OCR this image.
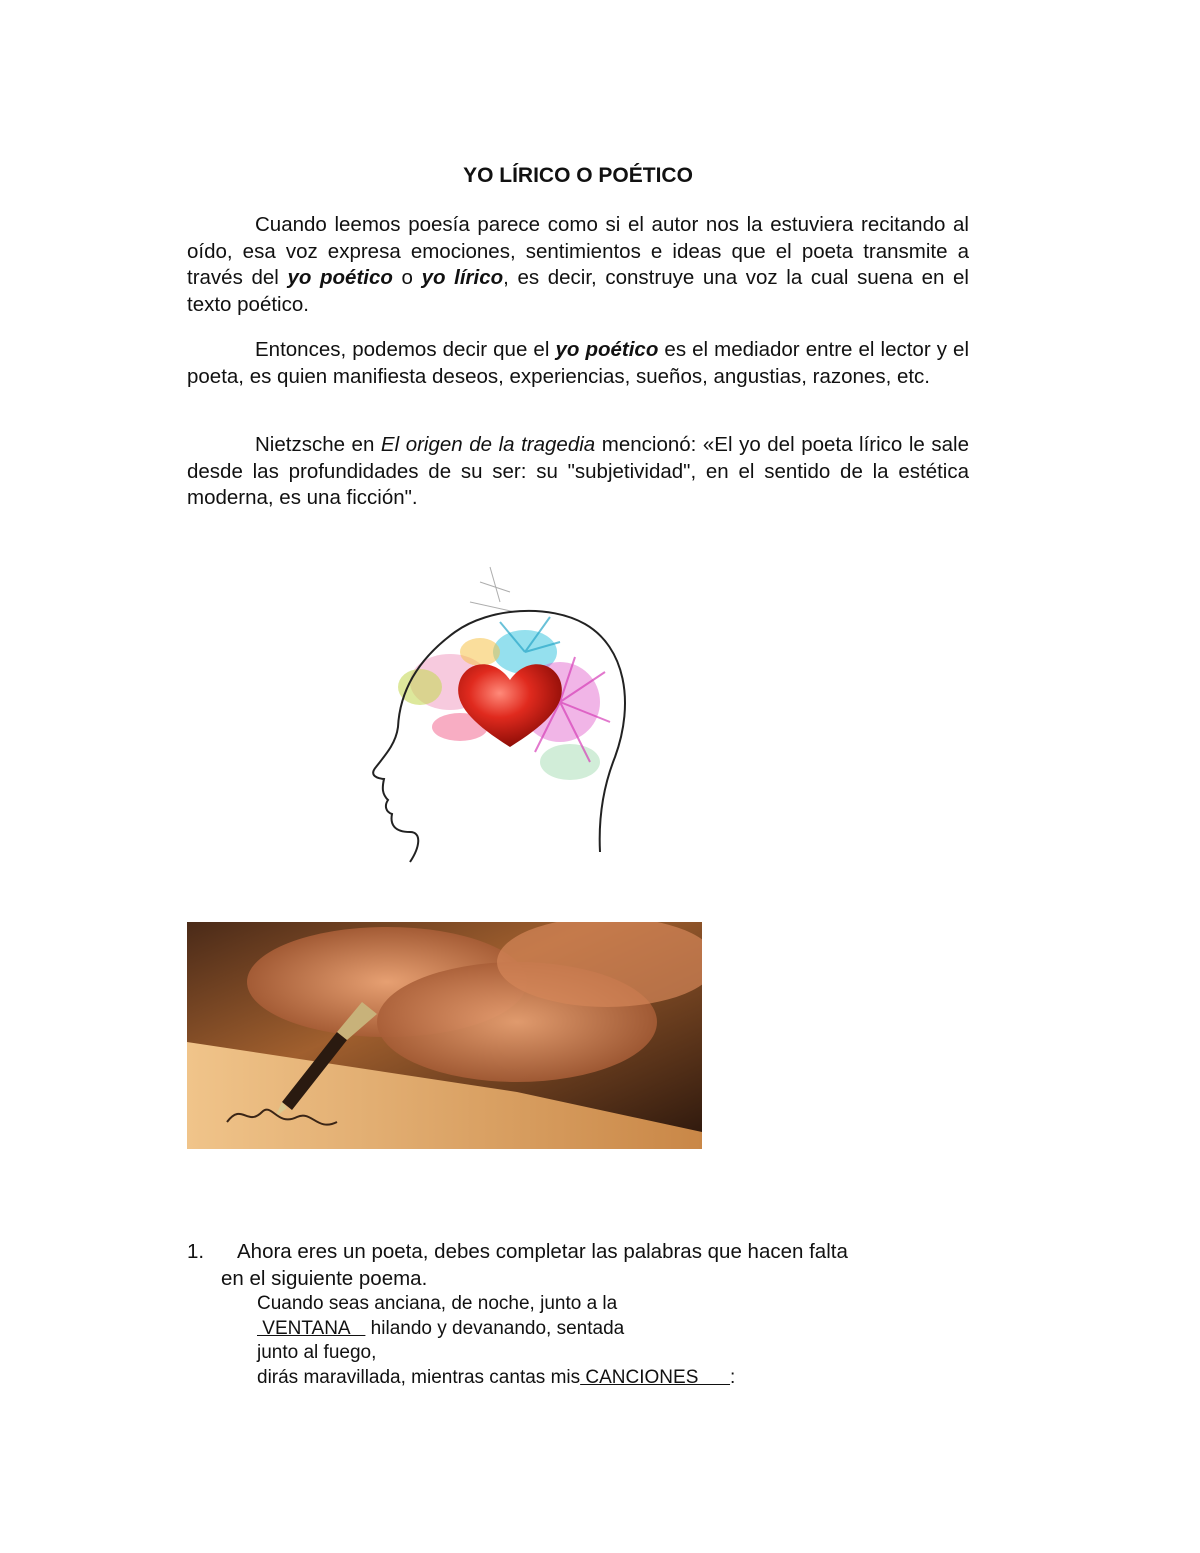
YO LÍRICO O POÉTICO

Cuando leemos poesía parece como si el autor nos la estuviera recitando al oído, esa voz expresa emociones, sentimientos e ideas que el poeta transmite a través del yo poético o yo lírico, es decir, construye una voz la cual suena en el texto poético.

Entonces, podemos decir que el yo poético es el mediador entre el lector y el poeta, es quien manifiesta deseos, experiencias, sueños, angustias, razones, etc.

Nietzsche en El origen de la tragedia mencionó: «El yo del poeta lírico le sale desde las profundidades de su ser: su "subjetividad", en el sentido de la estética moderna, es una ficción".

1. Ahora eres un poeta, debes completar las palabras que hacen falta
en el siguiente poema.
Cuando seas anciana, de noche, junto a la
VENTANA    hilando y devanando, sentada
junto al fuego,
dirás maravillada, mientras cantas mis CANCIONES      :
